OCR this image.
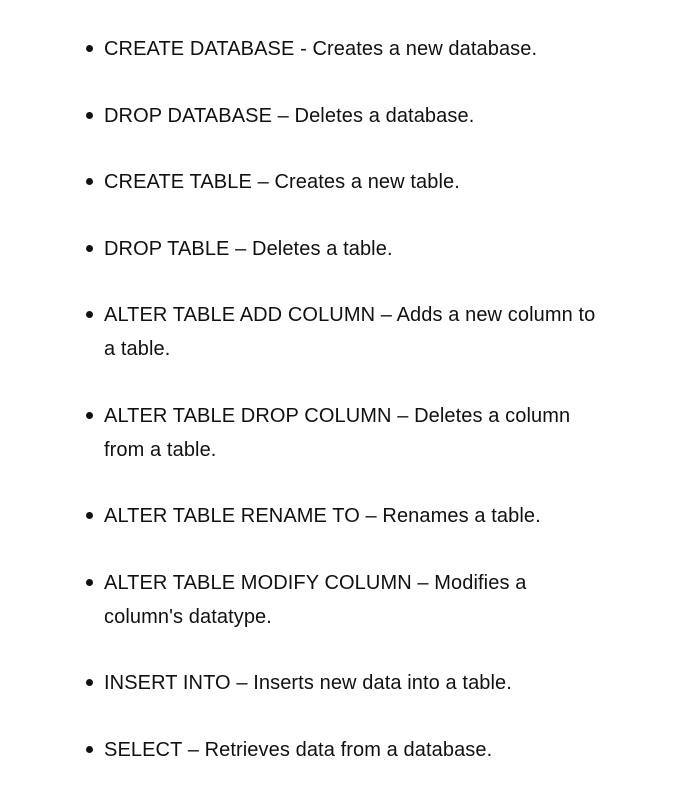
CREATE DATABASE - Creates a new database.
DROP DATABASE – Deletes a database.
CREATE TABLE – Creates a new table.
DROP TABLE – Deletes a table.
ALTER TABLE ADD COLUMN – Adds a new column to a table.
ALTER TABLE DROP COLUMN – Deletes a column from a table.
ALTER TABLE RENAME TO – Renames a table.
ALTER TABLE MODIFY COLUMN – Modifies a column's datatype.
INSERT INTO – Inserts new data into a table.
SELECT – Retrieves data from a database.
